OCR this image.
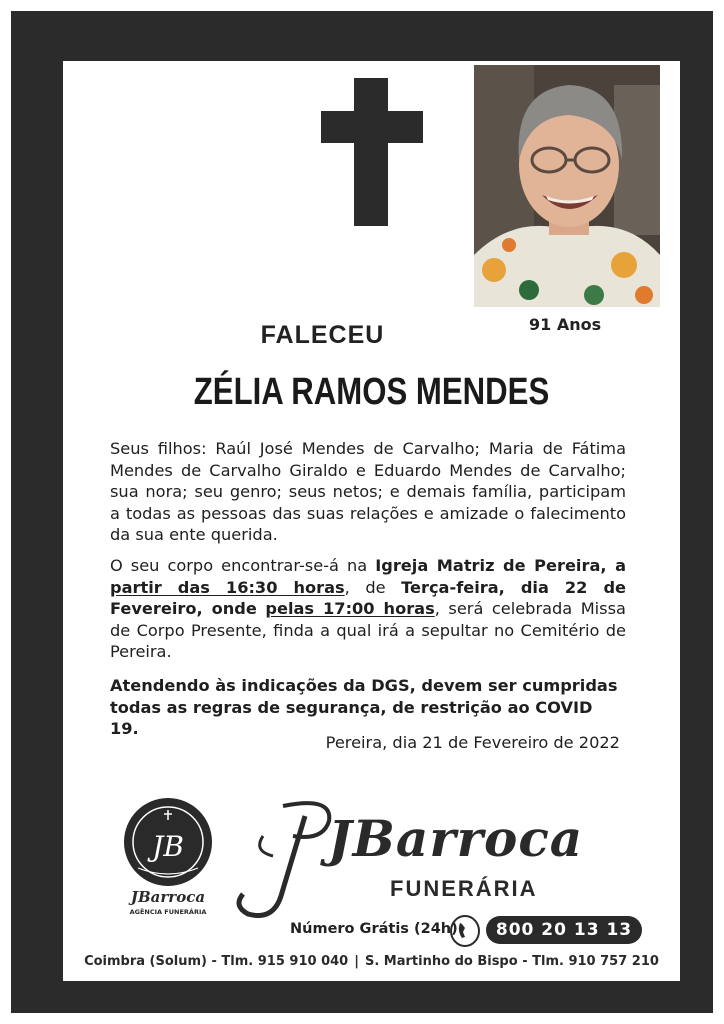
91 Anos
FALECEU
ZÉLIA RAMOS MENDES

Seus filhos: Raúl José Mendes de Carvalho; Maria de Fátima Mendes de Carvalho Giraldo e Eduardo Mendes de Carvalho; sua nora; seu genro; seus netos; e demais família, participam a todas as pessoas das suas relações e amizade o falecimento da sua ente querida.

O seu corpo encontrar-se-á na Igreja Matriz de Pereira, a partir das 16:30 horas, de Terça-feira, dia 22 de Fevereiro, onde pelas 17:00 horas, será celebrada Missa de Corpo Presente, finda a qual irá a sepultar no Cemitério de Pereira.

Atendendo às indicações da DGS, devem ser cumpridas todas as regras de segurança, de restrição ao COVID 19.

Pereira, dia 21 de Fevereiro de 2022
JB
JBarroca
AGÊNCIA FUNERÁRIA
JBarroca
FUNERÁRIA
Número Grátis (24h)	800 20 13 13
Coimbra (Solum) - Tlm. 915 910 040 | S. Martinho do Bispo - Tlm. 910 757 210
